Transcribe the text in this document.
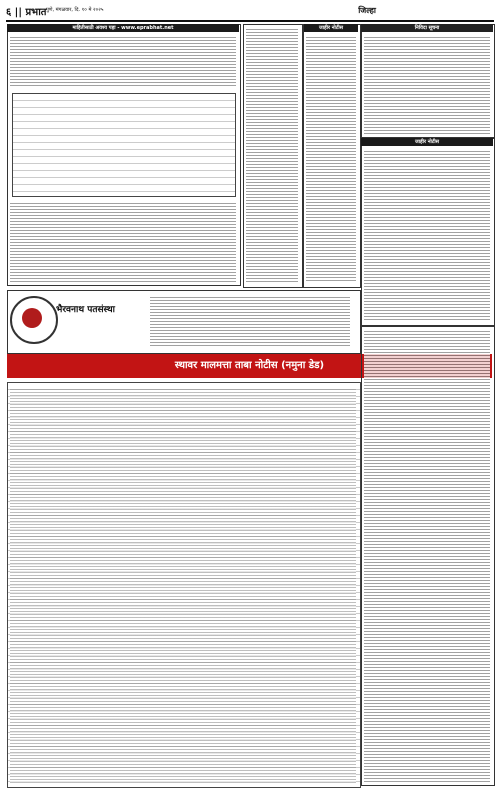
६ || प्रभात पुणे, मंगळवार, दि. १० मे २०२५	जिल्हा
माहितीसाठी अवश्य पहा - www.eprabhat.net	जाहीर नोटीस	निविदा सूचना
जाहीर नोटीस
भैरवनाथ पतसंस्था
स्थावर मालमत्ता ताबा नोटीस (नमुना डेड)
